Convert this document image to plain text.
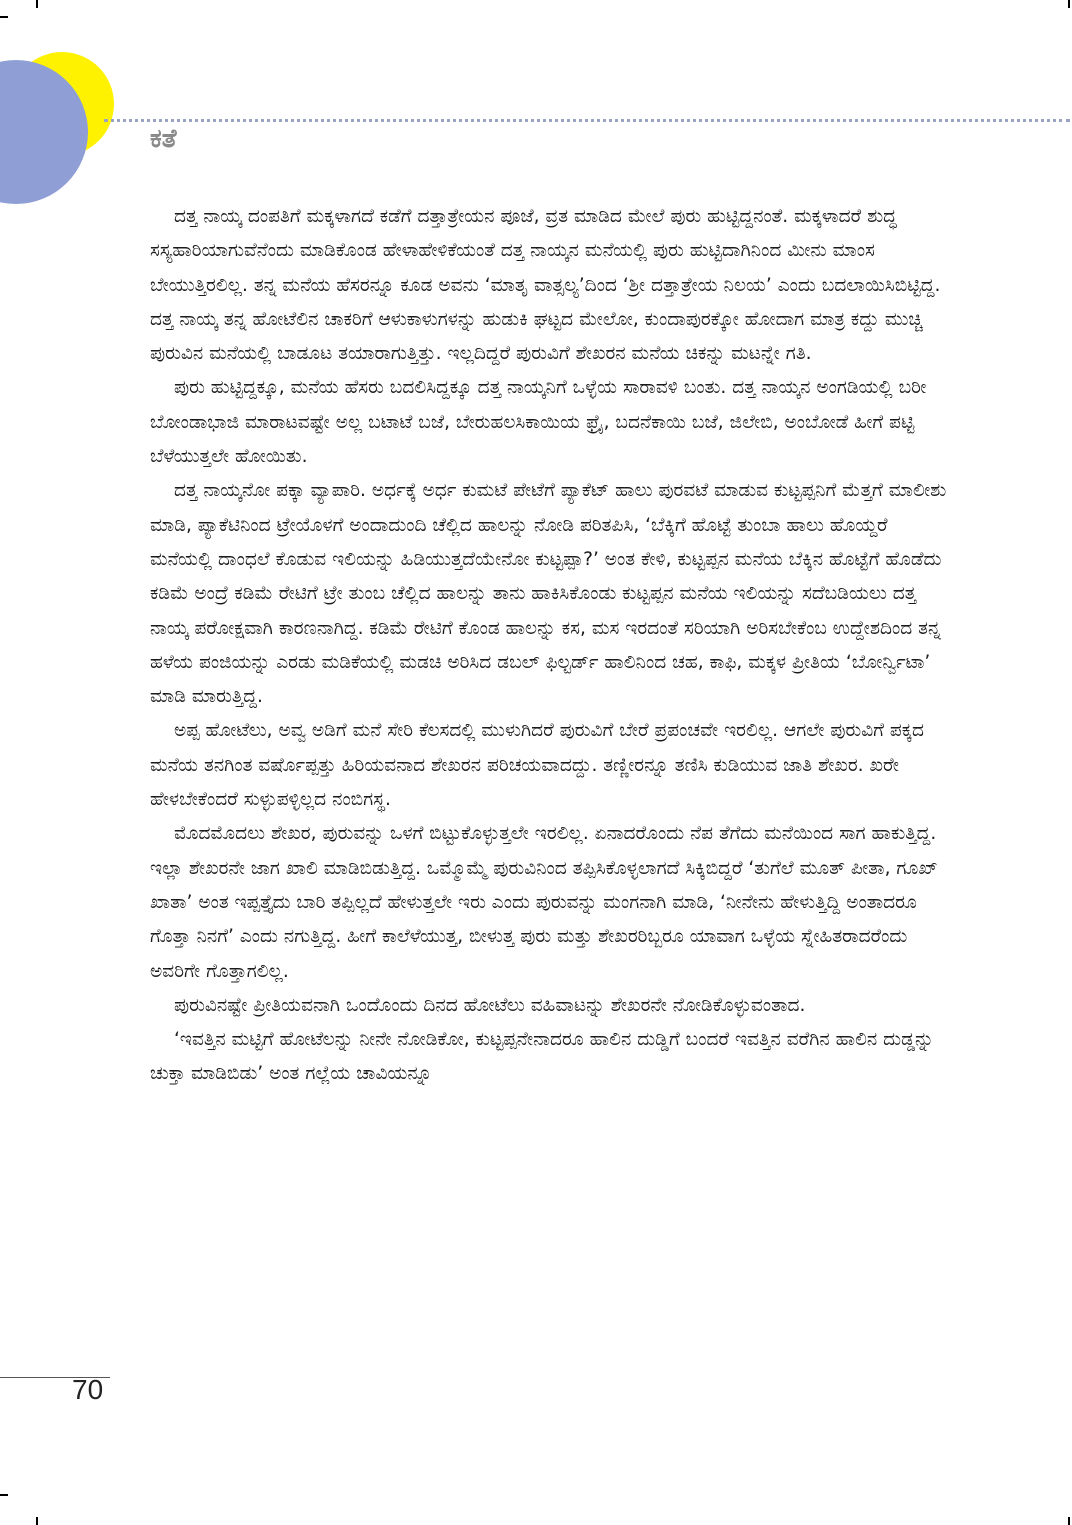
ಕತೆ

ದತ್ತ ನಾಯ್ಕ ದಂಪತಿಗೆ ಮಕ್ಕಳಾಗದೆ ಕಡೆಗೆ ದತ್ತಾತ್ರೇಯನ ಪೂಜೆ, ವ್ರತ ಮಾಡಿದ ಮೇಲೆ ಪುರು ಹುಟ್ಟಿದ್ದನಂತೆ. ಮಕ್ಕಳಾದರೆ ಶುದ್ಧ ಸಸ್ಯಹಾರಿಯಾಗುವೆನೆಂದು ಮಾಡಿಕೊಂಡ ಹೇಳಾಹೇಳಿಕೆಯಂತೆ ದತ್ತ ನಾಯ್ಕನ ಮನೆಯಲ್ಲಿ ಪುರು ಹುಟ್ಟಿದಾಗಿನಿಂದ ಮೀನು ಮಾಂಸ ಬೇಯುತ್ತಿರಲಿಲ್ಲ. ತನ್ನ ಮನೆಯ ಹೆಸರನ್ನೂ ಕೂಡ ಅವನು ‘ಮಾತೃ ವಾತ್ಸಲ್ಯ’ದಿಂದ ‘ಶ್ರೀ ದತ್ತಾತ್ರೇಯ ನಿಲಯ’ ಎಂದು ಬದಲಾಯಿಸಿಬಿಟ್ಟಿದ್ದ. ದತ್ತ ನಾಯ್ಕ ತನ್ನ ಹೋಟೆಲಿನ ಚಾಕರಿಗೆ ಆಳುಕಾಳುಗಳನ್ನು ಹುಡುಕಿ ಘಟ್ಟದ ಮೇಲೋ, ಕುಂದಾಪುರಕ್ಕೋ ಹೋದಾಗ ಮಾತ್ರ ಕದ್ದು ಮುಚ್ಚಿ ಪುರುವಿನ ಮನೆಯಲ್ಲಿ ಬಾಡೂಟ ತಯಾರಾಗುತ್ತಿತ್ತು. ಇಲ್ಲದಿದ್ದರೆ ಪುರುವಿಗೆ ಶೇಖರನ ಮನೆಯ ಚಿಕನ್ನು ಮಟನ್ನೇ ಗತಿ.

ಪುರು ಹುಟ್ಟಿದ್ದಕ್ಕೂ, ಮನೆಯ ಹೆಸರು ಬದಲಿಸಿದ್ದಕ್ಕೂ ದತ್ತ ನಾಯ್ಕನಿಗೆ ಒಳ್ಳೆಯ ಸಾರಾವಳಿ ಬಂತು. ದತ್ತ ನಾಯ್ಕನ ಅಂಗಡಿಯಲ್ಲಿ ಬರೀ ಬೋಂಡಾಭಾಜಿ ಮಾರಾಟವಷ್ಟೇ ಅಲ್ಲ ಬಟಾಟೆ ಬಜೆ, ಬೇರುಹಲಸಿಕಾಯಿಯ ಫ್ರೈ, ಬದನೆಕಾಯಿ ಬಜೆ, ಜಿಲೇಬಿ, ಅಂಬೋಡೆ ಹೀಗೆ ಪಟ್ಟಿ ಬೆಳೆಯುತ್ತಲೇ ಹೋಯಿತು.

ದತ್ತ ನಾಯ್ಕನೋ ಪಕ್ಕಾ ವ್ಯಾಪಾರಿ. ಅರ್ಧಕ್ಕೆ ಅರ್ಧ ಕುಮಟೆ ಪೇಟೆಗೆ ಪ್ಯಾಕೆಟ್ ಹಾಲು ಪುರವಟೆ ಮಾಡುವ ಕುಟ್ಟಪ್ಪನಿಗೆ ಮೆತ್ತಗೆ ಮಾಲೀಶು ಮಾಡಿ, ಪ್ಯಾಕೆಟಿನಿಂದ ಟ್ರೇಯೊಳಗೆ ಅಂದಾದುಂದಿ ಚೆಲ್ಲಿದ ಹಾಲನ್ನು ನೋಡಿ ಪರಿತಪಿಸಿ, ‘ಬೆಕ್ಕಿಗೆ ಹೊಟ್ಟೆ ತುಂಬಾ ಹಾಲು ಹೊಯ್ದರೆ ಮನೆಯಲ್ಲಿ ದಾಂಧಲೆ ಕೊಡುವ ಇಲಿಯನ್ನು ಹಿಡಿಯುತ್ತದೆಯೇನೋ ಕುಟ್ಟಪ್ಪಾ?’ ಅಂತ ಕೇಳಿ, ಕುಟ್ಟಪ್ಪನ ಮನೆಯ ಬೆಕ್ಕಿನ ಹೊಟ್ಟೆಗೆ ಹೊಡೆದು ಕಡಿಮೆ ಅಂದ್ರೆ ಕಡಿಮೆ ರೇಟಿಗೆ ಟ್ರೇ ತುಂಬ ಚೆಲ್ಲಿದ ಹಾಲನ್ನು ತಾನು ಹಾಕಿಸಿಕೊಂಡು ಕುಟ್ಟಪ್ಪನ ಮನೆಯ ಇಲಿಯನ್ನು ಸದೆಬಡಿಯಲು ದತ್ತ ನಾಯ್ಕ ಪರೋಕ್ಷವಾಗಿ ಕಾರಣನಾಗಿದ್ದ. ಕಡಿಮೆ ರೇಟಿಗೆ ಕೊಂಡ ಹಾಲನ್ನು ಕಸ, ಮಸ ಇರದಂತೆ ಸರಿಯಾಗಿ ಅರಿಸಬೇಕೆಂಬ ಉದ್ದೇಶದಿಂದ ತನ್ನ ಹಳೆಯ ಪಂಜಿಯನ್ನು ಎರಡು ಮಡಿಕೆಯಲ್ಲಿ ಮಡಚಿ ಅರಿಸಿದ ಡಬಲ್ ಫಿಲ್ಟರ್ಡ್ ಹಾಲಿನಿಂದ ಚಹ, ಕಾಫಿ, ಮಕ್ಕಳ ಪ್ರೀತಿಯ ‘ಬೋರ್ನ್ವಿಟಾ’ ಮಾಡಿ ಮಾರುತ್ತಿದ್ದ.

ಅಪ್ಪ ಹೋಟೆಲು, ಅವ್ವ ಅಡಿಗೆ ಮನೆ ಸೇರಿ ಕೆಲಸದಲ್ಲಿ ಮುಳುಗಿದರೆ ಪುರುವಿಗೆ ಬೇರೆ ಪ್ರಪಂಚವೇ ಇರಲಿಲ್ಲ. ಆಗಲೇ ಪುರುವಿಗೆ ಪಕ್ಕದ ಮನೆಯ ತನಗಿಂತ ವರ್ಷೊಪ್ಪತ್ತು ಹಿರಿಯವನಾದ ಶೇಖರನ ಪರಿಚಯವಾದದ್ದು. ತಣ್ಣೀರನ್ನೂ ತಣಿಸಿ ಕುಡಿಯುವ ಜಾತಿ ಶೇಖರ. ಖರೇ ಹೇಳಬೇಕೆಂದರೆ ಸುಳ್ಳುಪಳ್ಳಿಲ್ಲದ ನಂಬಿಗಸ್ಥ.

ಮೊದಮೊದಲು ಶೇಖರ, ಪುರುವನ್ನು ಒಳಗೆ ಬಿಟ್ಟುಕೊಳ್ಳುತ್ತಲೇ ಇರಲಿಲ್ಲ. ಏನಾದರೊಂದು ನೆಪ ತೆಗೆದು ಮನೆಯಿಂದ ಸಾಗ ಹಾಕುತ್ತಿದ್ದ. ಇಲ್ಲಾ ಶೇಖರನೇ ಜಾಗ ಖಾಲಿ ಮಾಡಿಬಿಡುತ್ತಿದ್ದ. ಒಮ್ಮೊಮ್ಮೆ ಪುರುವಿನಿಂದ ತಪ್ಪಿಸಿಕೊಳ್ಳಲಾಗದೆ ಸಿಕ್ಕಿಬಿದ್ದರೆ ‘ತುಗೆಲೆ ಮೂತ್ ಪೀತಾ, ಗೂಖ್ ಖಾತಾ’ ಅಂತ ಇಪ್ಪತ್ತೈದು ಬಾರಿ ತಪ್ಪಿಲ್ಲದೆ ಹೇಳುತ್ತಲೇ ಇರು ಎಂದು ಪುರುವನ್ನು ಮಂಗನಾಗಿ ಮಾಡಿ, ‘ನೀನೇನು ಹೇಳುತ್ತಿದ್ದಿ ಅಂತಾದರೂ ಗೊತ್ತಾ ನಿನಗೆ’ ಎಂದು ನಗುತ್ತಿದ್ದ. ಹೀಗೆ ಕಾಲೆಳೆಯುತ್ತ, ಬೀಳುತ್ತ ಪುರು ಮತ್ತು ಶೇಖರರಿಬ್ಬರೂ ಯಾವಾಗ ಒಳ್ಳೆಯ ಸ್ನೇಹಿತರಾದರೆಂದು ಅವರಿಗೇ ಗೊತ್ತಾಗಲಿಲ್ಲ.

ಪುರುವಿನಷ್ಟೇ ಪ್ರೀತಿಯವನಾಗಿ ಒಂದೊಂದು ದಿನದ ಹೋಟೆಲು ವಹಿವಾಟನ್ನು ಶೇಖರನೇ ನೋಡಿಕೊಳ್ಳುವಂತಾದ.

‘ಇವತ್ತಿನ ಮಟ್ಟಿಗೆ ಹೋಟೆಲನ್ನು ನೀನೇ ನೋಡಿಕೋ, ಕುಟ್ಟಪ್ಪನೇನಾದರೂ ಹಾಲಿನ ದುಡ್ಡಿಗೆ ಬಂದರೆ ಇವತ್ತಿನ ವರೆಗಿನ ಹಾಲಿನ ದುಡ್ಡನ್ನು ಚುಕ್ತಾ ಮಾಡಿಬಿಡು’ ಅಂತ ಗಲ್ಲೆಯ ಚಾವಿಯನ್ನೂ

70
